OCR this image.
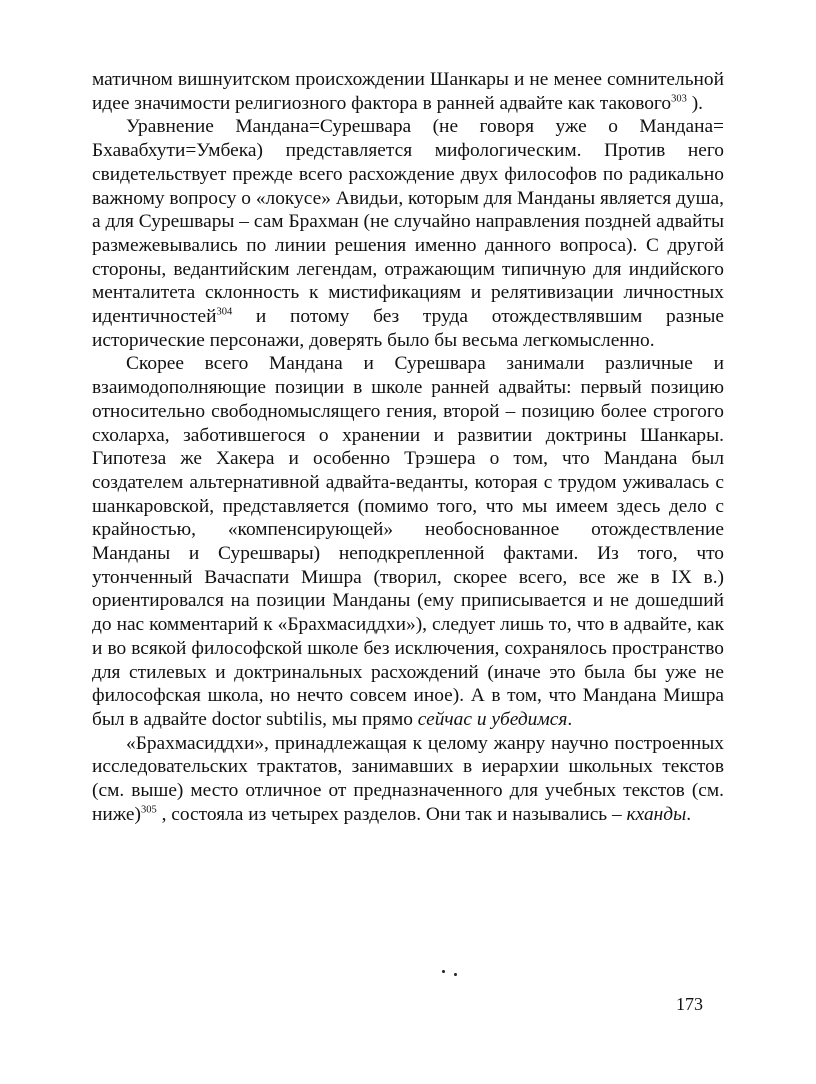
матичном вишнуитском происхождении Шанкары и не менее сомнительной идее значимости религиозного фактора в ранней адвайте как такового$^{303}$ ).

Уравнение Мандана=Сурешвара (не говоря уже о Мандана= Бхавабхути=Умбека) представляется мифологическим. Против него свидетельствует прежде всего расхождение двух философов по радикально важному вопросу о «локусе» Авидьи, которым для Манданы является душа, а для Сурешвары – сам Брахман (не случайно направления поздней адвайты размежевывались по линии решения именно данного вопроса). С другой стороны, ведантийским легендам, отражающим типичную для индийского менталитета склонность к мистификациям и релятивизации личностных идентичностей$^{304}$ и потому без труда отождествлявшим разные исторические персонажи, доверять было бы весьма легкомысленно.

Скорее всего Мандана и Сурешвара занимали различные и взаимодополняющие позиции в школе ранней адвайты: первый позицию относительно свободномыслящего гения, второй – позицию более строгого схоларха, заботившегося о хранении и развитии доктрины Шанкары. Гипотеза же Хакера и особенно Трэшера о том, что Мандана был создателем альтернативной адвайта-веданты, которая с трудом уживалась с шанкаровской, представляется (помимо того, что мы имеем здесь дело с крайностью, «компенсирующей» необоснованное отождествление Манданы и Сурешвары) неподкрепленной фактами. Из того, что утонченный Вачаспати Мишра (творил, скорее всего, все же в IX в.) ориентировался на позиции Манданы (ему приписывается и не дошедший до нас комментарий к «Брахмасиддхи»), следует лишь то, что в адвайте, как и во всякой философской школе без исключения, сохранялось пространство для стилевых и доктринальных расхождений (иначе это была бы уже не философская школа, но нечто совсем иное). А в том, что Мандана Мишра был в адвайте doctor subtilis, мы прямо сейчас и убедимся.

«Брахмасиддхи», принадлежащая к целому жанру научно построенных исследовательских трактатов, занимавших в иерархии школьных текстов (см. выше) место отличное от предназначенного для учебных текстов (см. ниже)$^{305}$ , состояла из четырех разделов. Они так и назывались – кханды.

173
